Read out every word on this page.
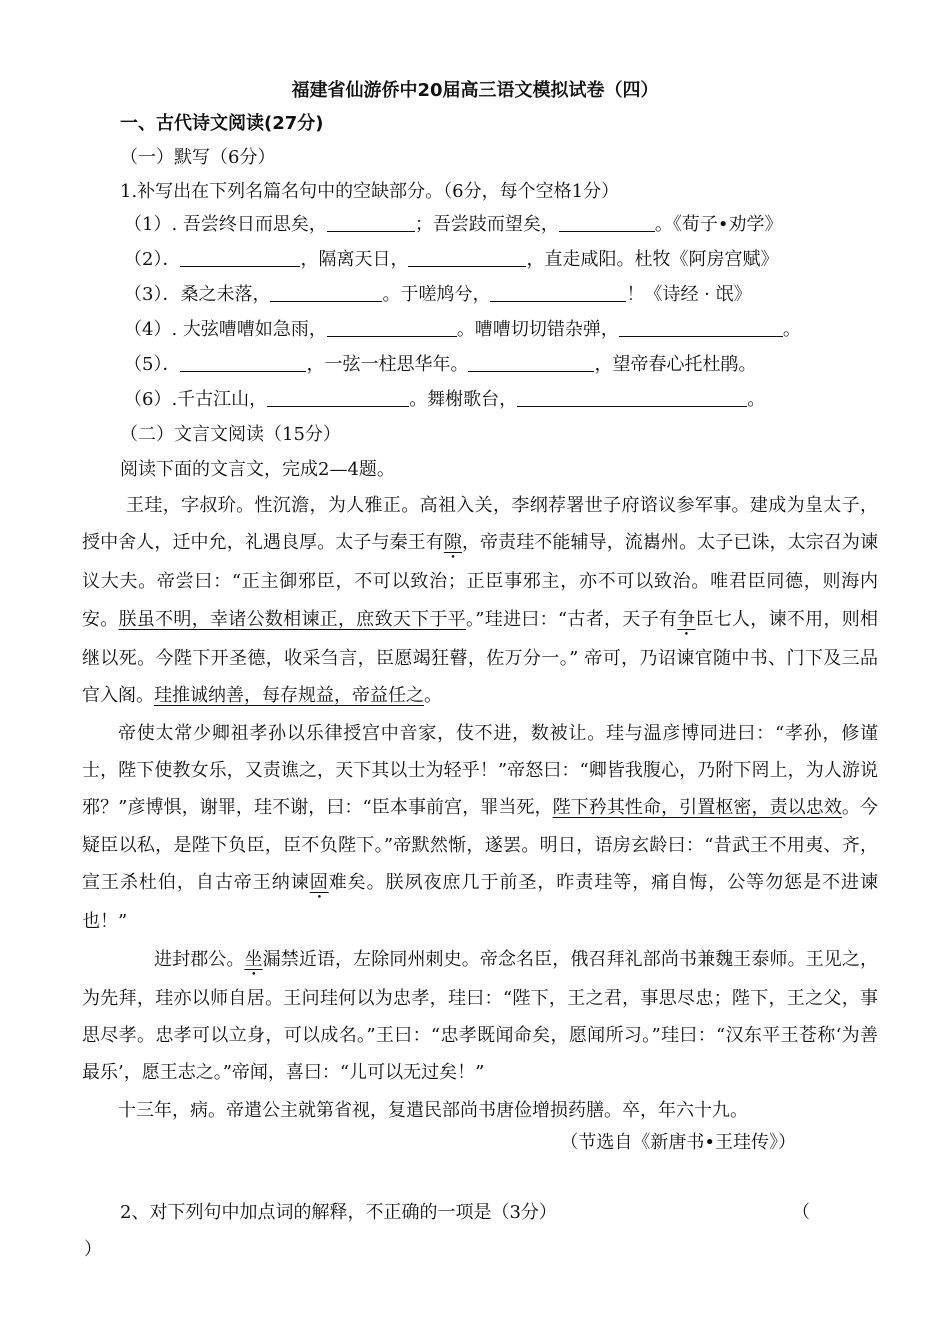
福建省仙游侨中20届高三语文模拟试卷（四）
一、古代诗文阅读(27分)
（一）默写（6分）
1.补写出在下列名篇名句中的空缺部分。（6分，每个空格1分）
（1）. 吾尝终日而思矣，	；吾尝跂而望矣，	。《荀子•劝学》
（2）．	，隔离天日，	，直走咸阳。杜牧《阿房宫赋》
（3）．桑之未落，	。于嗟鸠兮，	！《诗经 · 氓》
（4）. 大弦嘈嘈如急雨，	。嘈嘈切切错杂弹，	。
（5）．	，一弦一柱思华年。	，望帝春心托杜鹃。
（6）.千古江山，	。舞榭歌台，	。
（二）文言文阅读（15分）
阅读下面的文言文，完成2—4题。

王珪，字叔玠。性沉澹，为人雅正。高祖入关，李纲荐署世子府谘议参军事。建成为皇太子，授中舍人，迁中允，礼遇良厚。太子与秦王有隙，帝责珪不能辅导，流巂州。太子已诛，太宗召为谏议大夫。帝尝曰：“正主御邪臣，不可以致治；正臣事邪主，亦不可以致治。唯君臣同德，则海内安。朕虽不明，幸诸公数相谏正，庶致天下于平。”珪进曰：“古者，天子有争臣七人，谏不用，则相继以死。今陛下开圣德，收采刍言，臣愿竭狂瞽，佐万分一。” 帝可，乃诏谏官随中书、门下及三品官入阁。珪推诚纳善，每存规益，帝益任之。

帝使太常少卿祖孝孙以乐律授宫中音家，伎不进，数被让。珪与温彦博同进曰：“孝孙，修谨士，陛下使教女乐，又责谯之，天下其以士为轻乎！”帝怒曰：“卿皆我腹心，乃附下罔上，为人游说邪？”彦博惧，谢罪，珪不谢，曰：“臣本事前宫，罪当死，陛下矜其性命，引置枢密，责以忠效。今疑臣以私，是陛下负臣，臣不负陛下。”帝默然惭，遂罢。明日，语房玄龄曰：“昔武王不用夷、齐，宣王杀杜伯，自古帝王纳谏固难矣。朕夙夜庶几于前圣，昨责珪等，痛自悔，公等勿惩是不进谏也！”

进封郡公。坐漏禁近语，左除同州刺史。帝念名臣，俄召拜礼部尚书兼魏王泰师。王见之，为先拜，珪亦以师自居。王问珪何以为忠孝，珪曰：“陛下，王之君，事思尽忠；陛下，王之父，事思尽孝。忠孝可以立身，可以成名。”王曰：“忠孝既闻命矣，愿闻所习。”珪曰：“汉东平王苍称‘为善最乐’，愿王志之。”帝闻，喜曰：“儿可以无过矣！”

十三年，病。帝遣公主就第省视，复遣民部尚书唐俭增损药膳。卒，年六十九。

（节选自《新唐书•王珪传》）
2、对下列句中加点词的解释，不正确的一项是（3分）	（
）
